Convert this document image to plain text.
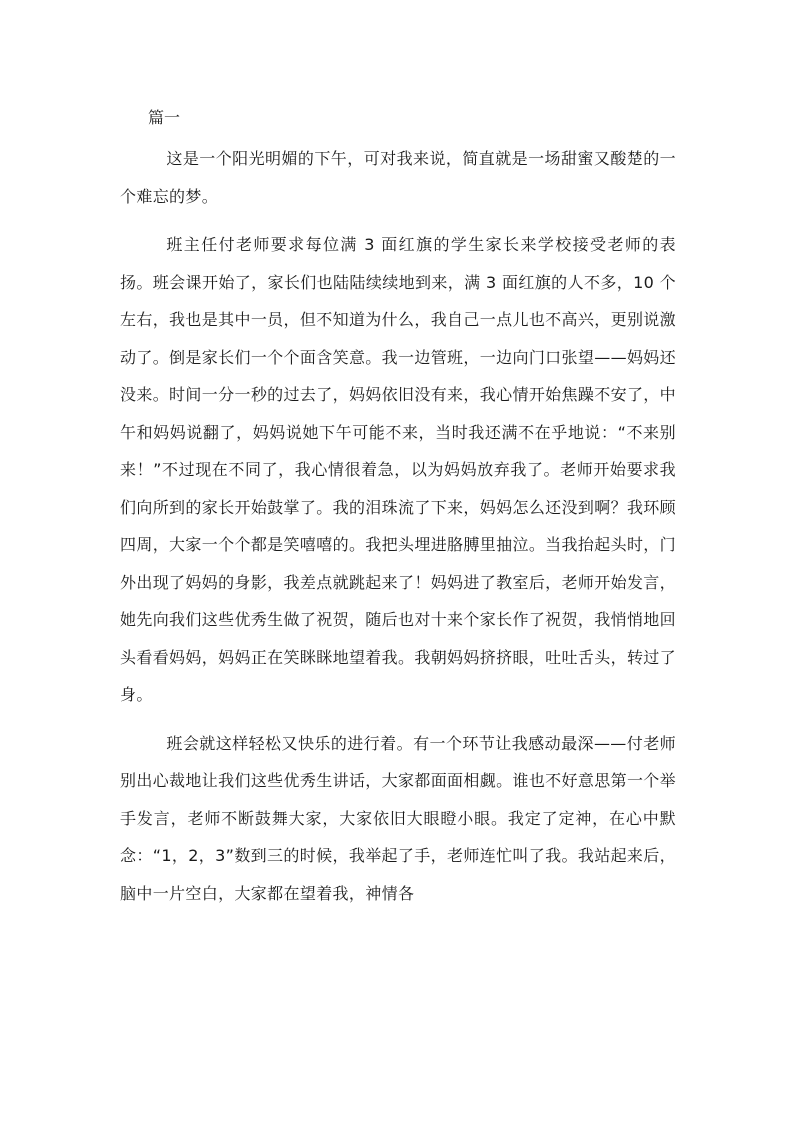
篇一

这是一个阳光明媚的下午，可对我来说，简直就是一场甜蜜又酸楚的一个难忘的梦。

班主任付老师要求每位满 3 面红旗的学生家长来学校接受老师的表扬。班会课开始了，家长们也陆陆续续地到来，满 3 面红旗的人不多，10 个左右，我也是其中一员，但不知道为什么，我自己一点儿也不高兴，更别说激动了。倒是家长们一个个面含笑意。我一边管班，一边向门口张望——妈妈还没来。时间一分一秒的过去了，妈妈依旧没有来，我心情开始焦躁不安了，中午和妈妈说翻了，妈妈说她下午可能不来，当时我还满不在乎地说：“不来别来！”不过现在不同了，我心情很着急，以为妈妈放弃我了。老师开始要求我们向所到的家长开始鼓掌了。我的泪珠流了下来，妈妈怎么还没到啊？我环顾四周，大家一个个都是笑嘻嘻的。我把头埋进胳膊里抽泣。当我抬起头时，门外出现了妈妈的身影，我差点就跳起来了！妈妈进了教室后，老师开始发言，她先向我们这些优秀生做了祝贺，随后也对十来个家长作了祝贺，我悄悄地回头看看妈妈，妈妈正在笑眯眯地望着我。我朝妈妈挤挤眼，吐吐舌头，转过了身。

班会就这样轻松又快乐的进行着。有一个环节让我感动最深——付老师别出心裁地让我们这些优秀生讲话，大家都面面相觑。谁也不好意思第一个举手发言，老师不断鼓舞大家，大家依旧大眼瞪小眼。我定了定神，在心中默念：“1，2，3”数到三的时候，我举起了手，老师连忙叫了我。我站起来后，脑中一片空白，大家都在望着我，神情各
